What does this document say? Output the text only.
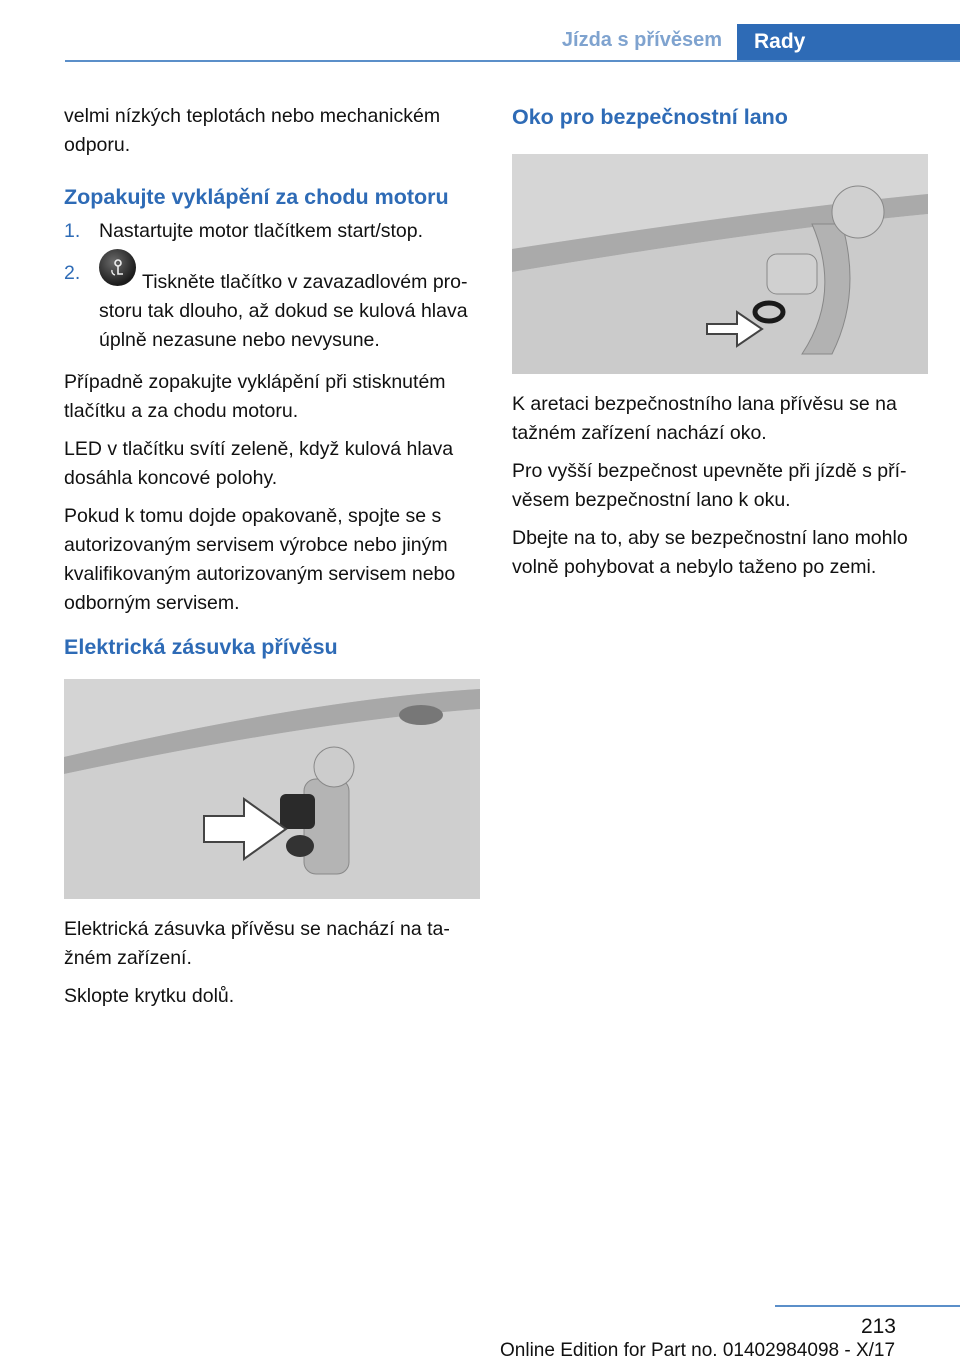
Jízda s přívěsem	Rady

velmi nízkých teplotách nebo mechanickém odporu.

Zopakujte vyklápění za chodu motoru
1. Nastartujte motor tlačítkem start/stop.
2.	Tiskněte tlačítko v zavazadlovém pro‐storu tak dlouho, až dokud se kulová hlava úplně nezasune nebo nevysune.

Případně zopakujte vyklápění při stisknutém tlačítku a za chodu motoru.

LED v tlačítku svítí zeleně, když kulová hlava dosáhla koncové polohy.

Pokud k tomu dojde opakovaně, spojte se s autorizovaným servisem výrobce nebo jiným kvalifikovaným autorizovaným servisem nebo odborným servisem.

Elektrická zásuvka přívěsu

Elektrická zásuvka přívěsu se nachází na ta‐žném zařízení.

Sklopte krytku dolů.

Oko pro bezpečnostní lano

K aretaci bezpečnostního lana přívěsu se na tažném zařízení nachází oko.

Pro vyšší bezpečnost upevněte při jízdě s pří‐věsem bezpečnostní lano k oku.

Dbejte na to, aby se bezpečnostní lano mohlo volně pohybovat a nebylo taženo po zemi.

213
Online Edition for Part no. 01402984098 - X/17
